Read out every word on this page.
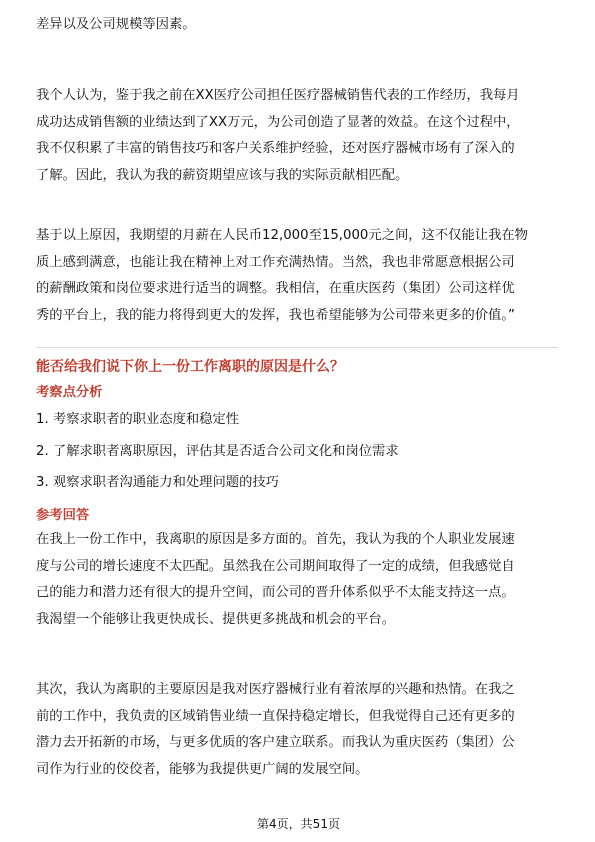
差异以及公司规模等因素。

我个人认为，鉴于我之前在XX医疗公司担任医疗器械销售代表的工作经历，我每月
成功达成销售额的业绩达到了XX万元，为公司创造了显著的效益。在这个过程中，
我不仅积累了丰富的销售技巧和客户关系维护经验，还对医疗器械市场有了深入的
了解。因此，我认为我的薪资期望应该与我的实际贡献相匹配。

基于以上原因，我期望的月薪在人民币12,000至15,000元之间，这不仅能让我在物
质上感到满意，也能让我在精神上对工作充满热情。当然，我也非常愿意根据公司
的薪酬政策和岗位要求进行适当的调整。我相信，在重庆医药（集团）公司这样优
秀的平台上，我的能力将得到更大的发挥，我也希望能够为公司带来更多的价值。”

能否给我们说下你上一份工作离职的原因是什么？
考察点分析
1. 考察求职者的职业态度和稳定性
2. 了解求职者离职原因，评估其是否适合公司文化和岗位需求
3. 观察求职者沟通能力和处理问题的技巧
参考回答

在我上一份工作中，我离职的原因是多方面的。首先，我认为我的个人职业发展速
度与公司的增长速度不太匹配。虽然我在公司期间取得了一定的成绩，但我感觉自
己的能力和潜力还有很大的提升空间，而公司的晋升体系似乎不太能支持这一点。
我渴望一个能够让我更快成长、提供更多挑战和机会的平台。

其次，我认为离职的主要原因是我对医疗器械行业有着浓厚的兴趣和热情。在我之
前的工作中，我负责的区域销售业绩一直保持稳定增长，但我觉得自己还有更多的
潜力去开拓新的市场，与更多优质的客户建立联系。而我认为重庆医药（集团）公
司作为行业的佼佼者，能够为我提供更广阔的发展空间。

第4页，共51页
